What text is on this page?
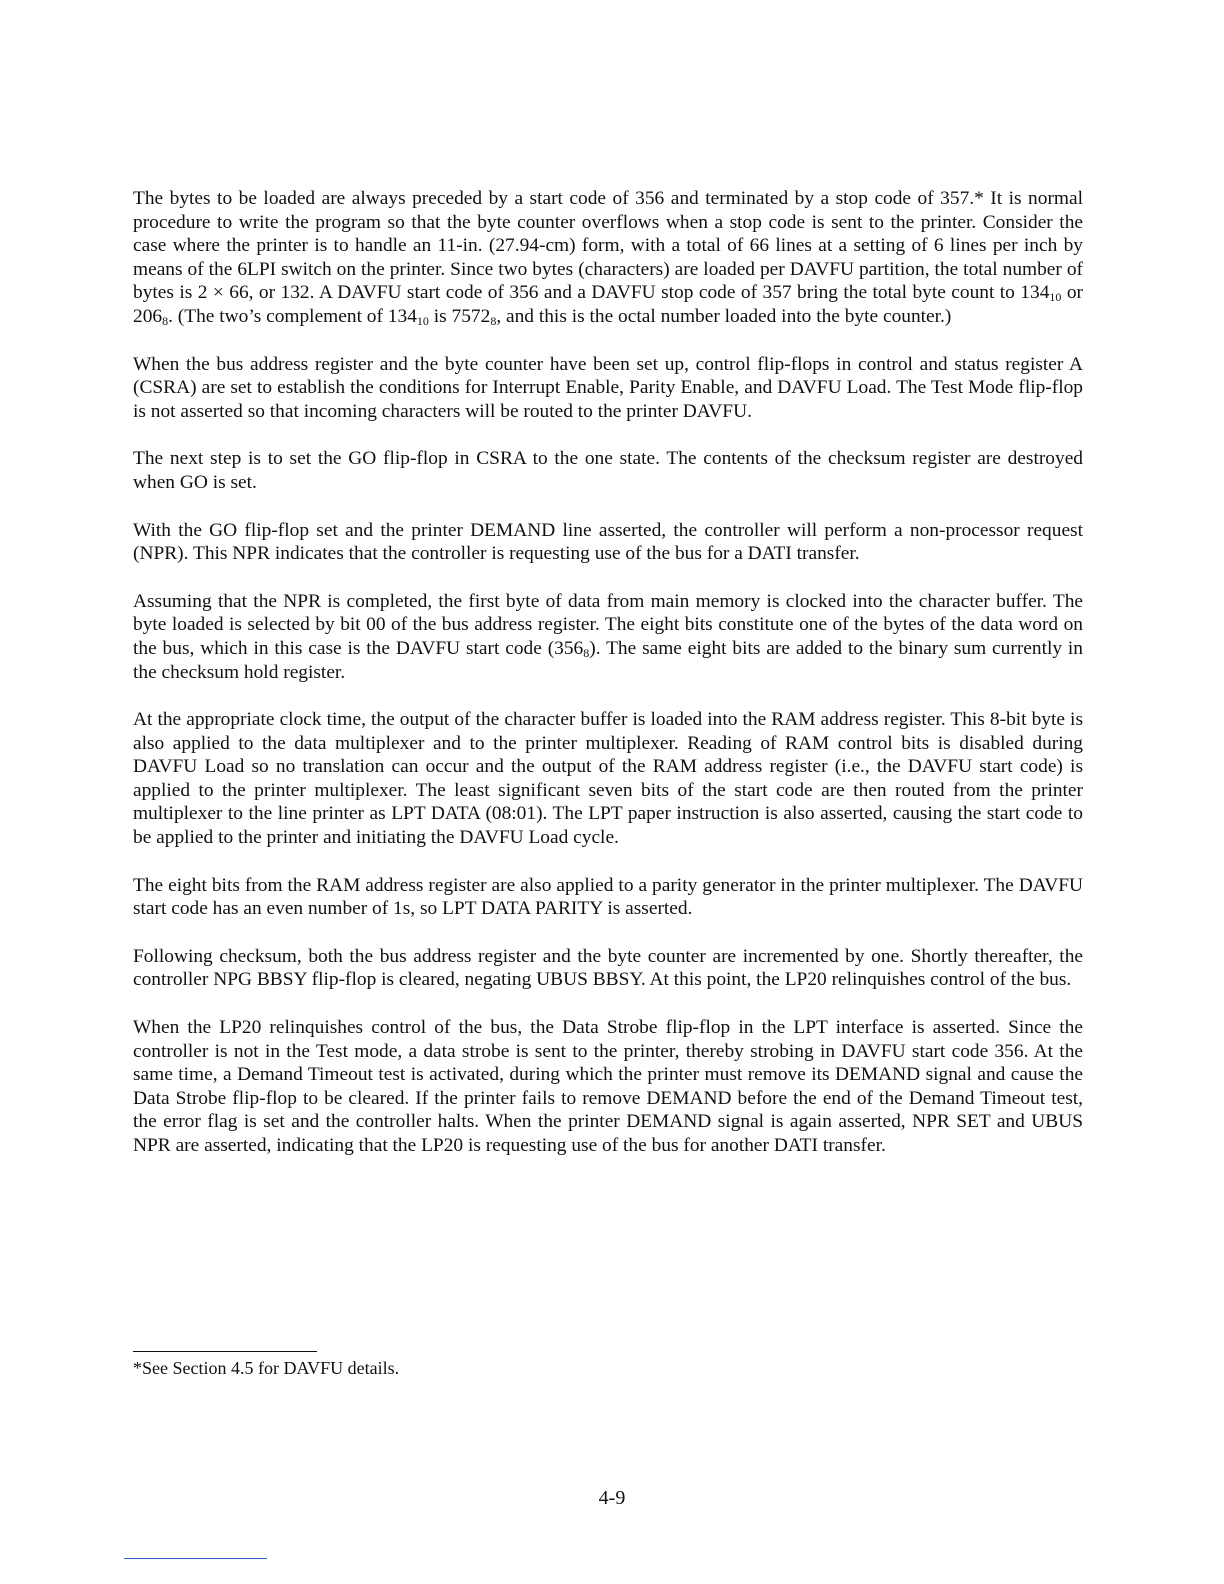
The bytes to be loaded are always preceded by a start code of 356 and terminated by a stop code of 357.* It is normal procedure to write the program so that the byte counter overflows when a stop code is sent to the printer. Consider the case where the printer is to handle an 11-in. (27.94-cm) form, with a total of 66 lines at a setting of 6 lines per inch by means of the 6LPI switch on the printer. Since two bytes (characters) are loaded per DAVFU partition, the total number of bytes is 2 × 66, or 132. A DAVFU start code of 356 and a DAVFU stop code of 357 bring the total byte count to $134_{10}$ or $206_8$. (The two’s complement of $134_{10}$ is $7572_8$, and this is the octal number loaded into the byte counter.)

When the bus address register and the byte counter have been set up, control flip-flops in control and status register A (CSRA) are set to establish the conditions for Interrupt Enable, Parity Enable, and DAVFU Load. The Test Mode flip-flop is not asserted so that incoming characters will be routed to the printer DAVFU.

The next step is to set the GO flip-flop in CSRA to the one state. The contents of the checksum register are destroyed when GO is set.

With the GO flip-flop set and the printer DEMAND line asserted, the controller will perform a non-processor request (NPR). This NPR indicates that the controller is requesting use of the bus for a DATI transfer.

Assuming that the NPR is completed, the first byte of data from main memory is clocked into the character buffer. The byte loaded is selected by bit 00 of the bus address register. The eight bits constitute one of the bytes of the data word on the bus, which in this case is the DAVFU start code $(356_8)$. The same eight bits are added to the binary sum currently in the checksum hold register.

At the appropriate clock time, the output of the character buffer is loaded into the RAM address register. This 8-bit byte is also applied to the data multiplexer and to the printer multiplexer. Reading of RAM control bits is disabled during DAVFU Load so no translation can occur and the output of the RAM address register (i.e., the DAVFU start code) is applied to the printer multiplexer. The least significant seven bits of the start code are then routed from the printer multiplexer to the line printer as LPT DATA (08:01). The LPT paper instruction is also asserted, causing the start code to be applied to the printer and initiating the DAVFU Load cycle.

The eight bits from the RAM address register are also applied to a parity generator in the printer multiplexer. The DAVFU start code has an even number of 1s, so LPT DATA PARITY is asserted.

Following checksum, both the bus address register and the byte counter are incremented by one. Shortly thereafter, the controller NPG BBSY flip-flop is cleared, negating UBUS BBSY. At this point, the LP20 relinquishes control of the bus.

When the LP20 relinquishes control of the bus, the Data Strobe flip-flop in the LPT interface is asserted. Since the controller is not in the Test mode, a data strobe is sent to the printer, thereby strobing in DAVFU start code 356. At the same time, a Demand Timeout test is activated, during which the printer must remove its DEMAND signal and cause the Data Strobe flip-flop to be cleared. If the printer fails to remove DEMAND before the end of the Demand Timeout test, the error flag is set and the controller halts. When the printer DEMAND signal is again asserted, NPR SET and UBUS NPR are asserted, indicating that the LP20 is requesting use of the bus for another DATI transfer.

*See Section 4.5 for DAVFU details.
4-9
